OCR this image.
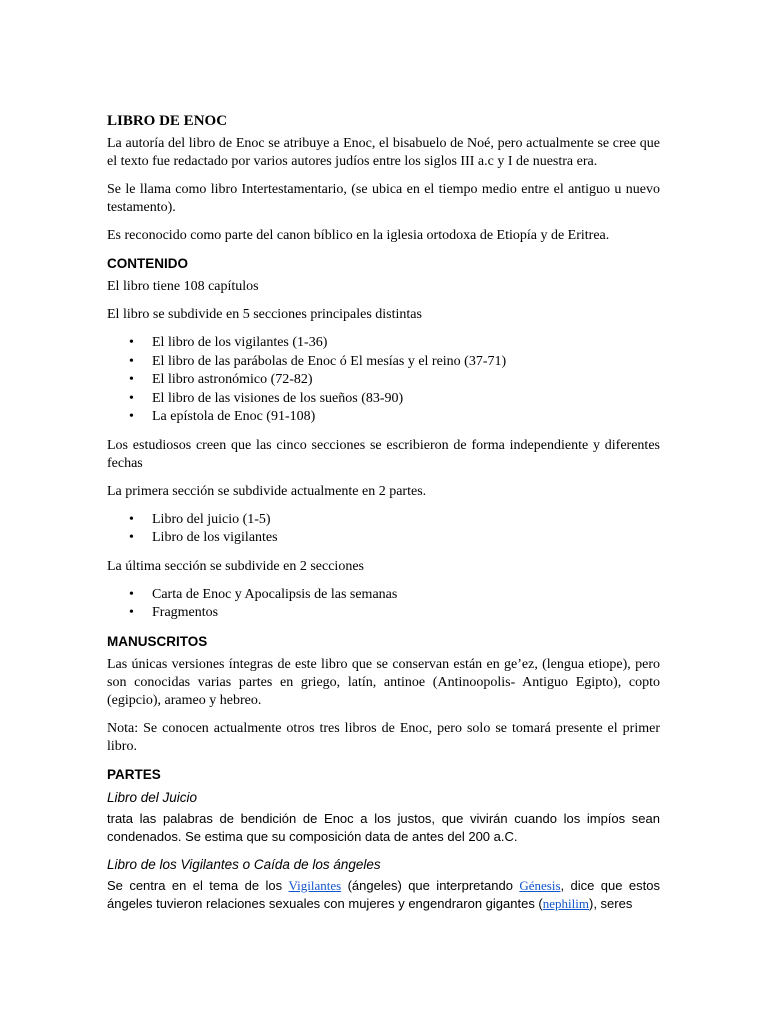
LIBRO DE ENOC

La autoría del libro de Enoc se atribuye a Enoc, el bisabuelo de Noé, pero actualmente se cree que el texto fue redactado por varios autores judíos entre los siglos III a.c y I de nuestra era.

Se le llama como libro Intertestamentario, (se ubica en el tiempo medio entre el antiguo u nuevo testamento).

Es reconocido como parte del canon bíblico en la iglesia ortodoxa de Etiopía y de Eritrea.

CONTENIDO

El libro tiene 108 capítulos

El libro se subdivide en 5 secciones principales distintas

• El libro de los vigilantes (1-36)
• El libro de las parábolas de Enoc ó El mesías y el reino (37-71)
• El libro astronómico (72-82)
• El libro de las visiones de los sueños (83-90)
• La epístola de Enoc (91-108)

Los estudiosos creen que las cinco secciones se escribieron de forma independiente y diferentes fechas

La primera sección se subdivide actualmente en 2 partes.

• Libro del juicio (1-5)
• Libro de los vigilantes

La última sección se subdivide en 2 secciones

• Carta de Enoc y Apocalipsis de las semanas
• Fragmentos
MANUSCRITOS

Las únicas versiones íntegras de este libro que se conservan están en ge’ez, (lengua etiope), pero son conocidas varias partes en griego, latín, antinoe (Antinoopolis- Antiguo Egipto), copto (egipcio), arameo y hebreo.

Nota: Se conocen actualmente otros tres libros de Enoc, pero solo se tomará presente el primer libro.

PARTES
Libro del Juicio

trata las palabras de bendición de Enoc a los justos, que vivirán cuando los impíos sean condenados. Se estima que su composición data de antes del 200 a.C.

Libro de los Vigilantes o Caída de los ángeles

Se centra en el tema de los Vigilantes (ángeles) que interpretando Génesis, dice que estos ángeles tuvieron relaciones sexuales con mujeres y engendraron gigantes (nephilim), seres
